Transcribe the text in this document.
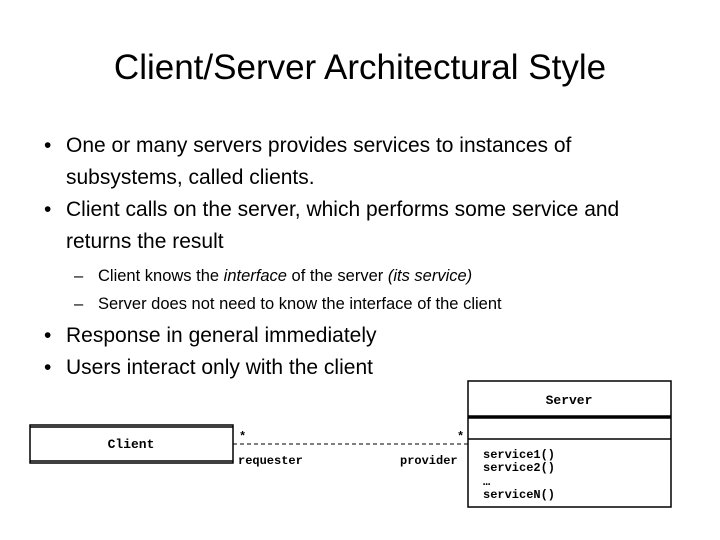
Client/Server Architectural Style
• One or many servers provides services to instances of subsystems, called clients.
• Client calls on the server, which performs some service and returns the result
– Client knows the interface of the server (its service)
– Server does not need to know the interface of the client
• Response in general immediately
• Users interact only with the client
Client	*	*
requester	provider
Server
service1()
service2()
…
serviceN()
